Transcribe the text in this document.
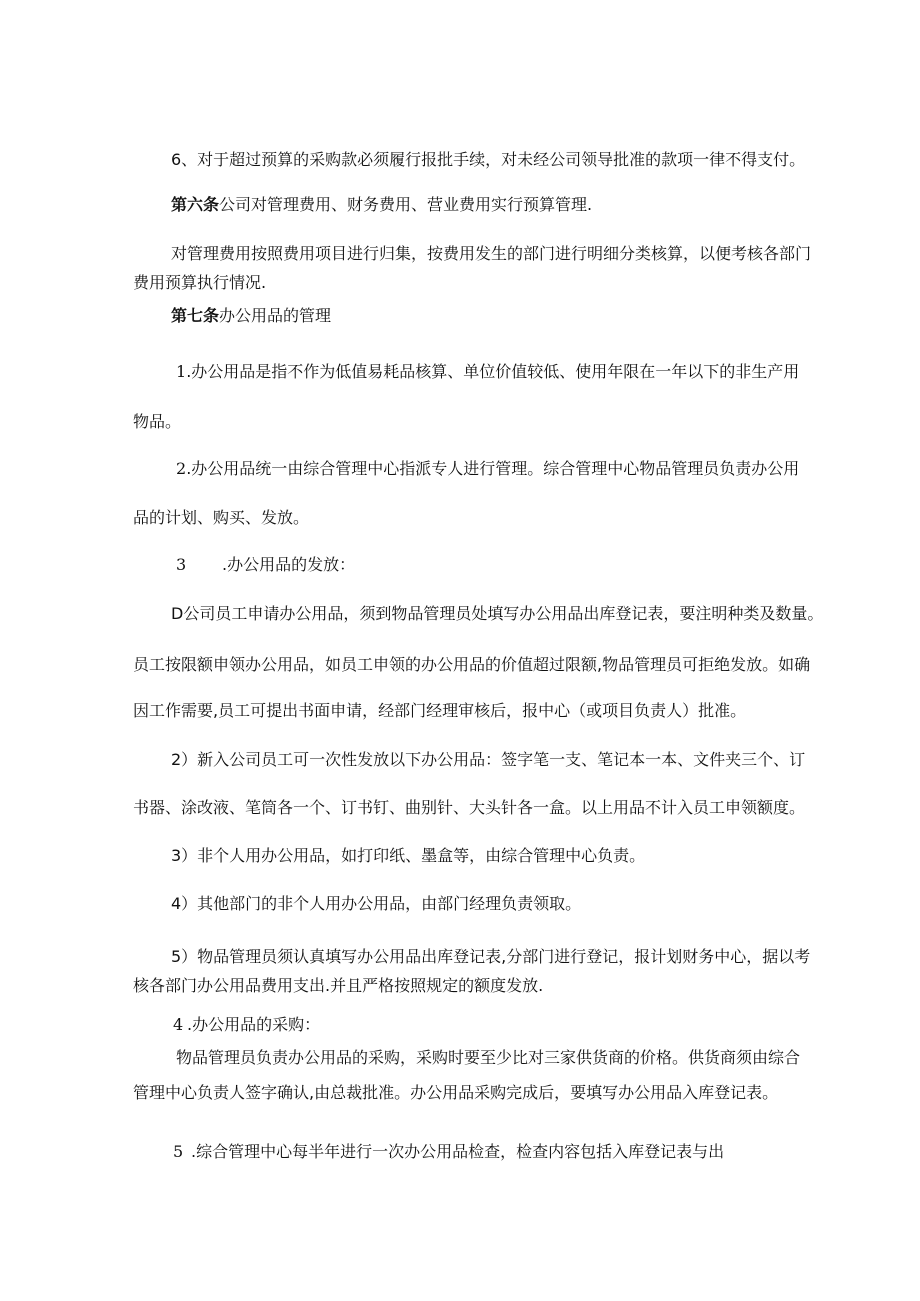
6、对于超过预算的采购款必须履行报批手续，对未经公司领导批准的款项一律不得支付。
第六条公司对管理费用、财务费用、营业费用实行预算管理.
对管理费用按照费用项目进行归集，按费用发生的部门进行明细分类核算，以便考核各部门
费用预算执行情况.
第七条办公用品的管理
1.办公用品是指不作为低值易耗品核算、单位价值较低、使用年限在一年以下的非生产用
物品。
2.办公用品统一由综合管理中心指派专人进行管理。综合管理中心物品管理员负责办公用
品的计划、购买、发放。
3 .办公用品的发放：
D公司员工申请办公用品，须到物品管理员处填写办公用品出库登记表，要注明种类及数量。
员工按限额申领办公用品，如员工申领的办公用品的价值超过限额,物品管理员可拒绝发放。如确
因工作需要,员工可提出书面申请，经部门经理审核后，报中心（或项目负责人）批准。
2）新入公司员工可一次性发放以下办公用品：签字笔一支、笔记本一本、文件夹三个、订
书器、涂改液、笔筒各一个、订书钉、曲别针、大头针各一盒。以上用品不计入员工申领额度。
3）非个人用办公用品，如打印纸、墨盒等，由综合管理中心负责。
4）其他部门的非个人用办公用品，由部门经理负责领取。
5）物品管理员须认真填写办公用品出库登记表,分部门进行登记，报计划财务中心，据以考
核各部门办公用品费用支出.并且严格按照规定的额度发放.
4 .办公用品的采购：
物品管理员负责办公用品的采购，采购时要至少比对三家供货商的价格。供货商须由综合
管理中心负责人签字确认,由总裁批准。办公用品采购完成后，要填写办公用品入库登记表。
5 .综合管理中心每半年进行一次办公用品检查，检查内容包括入库登记表与出
